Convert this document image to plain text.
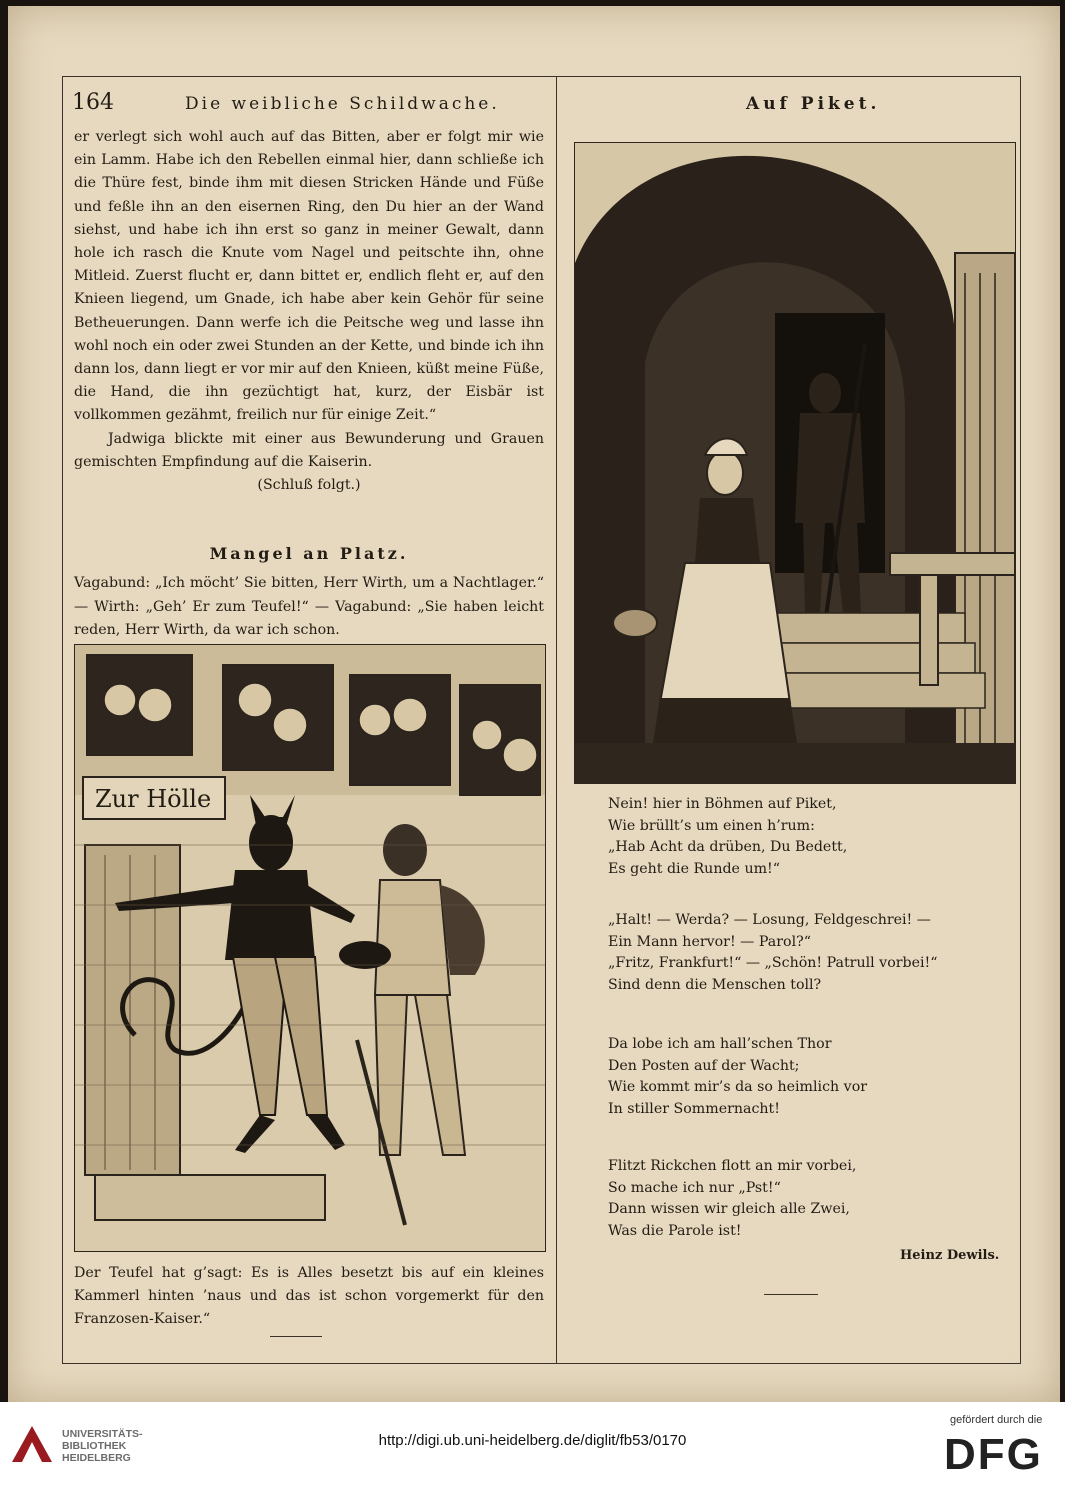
164	Die weibliche Schildwache.	Auf Piket.

er verlegt sich wohl auch auf das Bitten, aber er folgt mir wie ein Lamm. Habe ich den Rebellen einmal hier, dann schließe ich die Thüre fest, binde ihm mit diesen Stricken Hände und Füße und feßle ihn an den eisernen Ring, den Du hier an der Wand siehst, und habe ich ihn erst so ganz in meiner Gewalt, dann hole ich rasch die Knute vom Nagel und peitschte ihn, ohne Mitleid. Zuerst flucht er, dann bittet er, endlich fleht er, auf den Knieen liegend, um Gnade, ich habe aber kein Gehör für seine Betheuerungen. Dann werfe ich die Peitsche weg und lasse ihn wohl noch ein oder zwei Stunden an der Kette, und binde ich ihn dann los, dann liegt er vor mir auf den Knieen, küßt meine Füße, die Hand, die ihn gezüchtigt hat, kurz, der Eisbär ist vollkommen gezähmt, freilich nur für einige Zeit.“

Jadwiga blickte mit einer aus Bewunderung und Grauen gemischten Empfindung auf die Kaiserin.

(Schluß folgt.)

Mangel an Platz.
Vagabund: „Ich möcht’ Sie bitten, Herr Wirth, um a Nachtlager.“ — Wirth: „Geh’ Er zum Teufel!“ — Vagabund: „Sie haben leicht reden, Herr Wirth, da war ich schon.
Zur Hölle
Der Teufel hat g’sagt: Es is Alles besetzt bis auf ein kleines Kammerl hinten ’naus und das ist schon vorgemerkt für den Franzosen-Kaiser.“
Nein! hier in Böhmen auf Piket,
Wie brüllt’s um einen h’rum:
„Hab Acht da drüben, Du Bedett,
Es geht die Runde um!“
„Halt! — Werda? — Losung, Feldgeschrei! —
Ein Mann hervor! — Parol?“
„Fritz, Frankfurt!“ — „Schön! Patrull vorbei!“
Sind denn die Menschen toll?
Da lobe ich am hall’schen Thor
Den Posten auf der Wacht;
Wie kommt mir’s da so heimlich vor
In stiller Sommernacht!
Flitzt Rickchen flott an mir vorbei,
So mache ich nur „Pst!“
Dann wissen wir gleich alle Zwei,
Was die Parole ist!
Heinz Dewils.
UNIVERSITÄTS-
BIBLIOTHEK
HEIDELBERG
http://digi.ub.uni-heidelberg.de/diglit/fb53/0170
gefördert durch die
DFG
